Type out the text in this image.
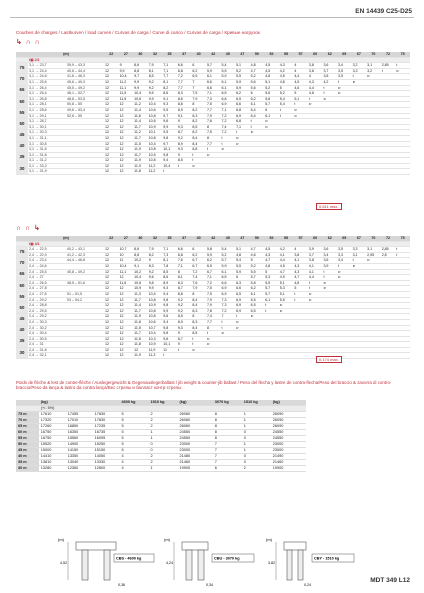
EN 14439 C25-D25
Courbes de charges / Lastkurven / load curves / Curvas de carga / Curve di carico / Curvas de carga / Кривые нагрузок
↳ ∩ ∩
	(m)		22	27	30	32	35	37	40	42	45	47	50	52	55	57	60	62	65	67	70	72	75
	t▣ 2/1																						
75	3,1 → 23,7	39,9 – 43,3	12	9	8,6	7,9	7,1	6,6	6	5,7	5,4	5,1	4,8	4,5	4,3	4	3,8	3,6	3,4	3,2	3,1	2,85	t
	3,1 → 24,4	40,6 – 44,4	12	9,9	8,8	8,1	7,1	6,8	6,2	5,9	5,5	5,2	4,7	4,5	4,2	4	3,8	3,7	3,5	3,3	3,2	t	⊳
70	3,1 → 24,6	41,6 – 46,3	12	10,4	9,7	8,5	7,7	7,2	6,5	6,1	5,9	5,5	5,2	4,8	4,5	4,4	4	3,8	3,5	t	⊳		
	3,1 → 25,6	45,6 – 49,3	12	11,2	9,9	9,2	8,1	7,7	7	6,6	6,1	5,9	5,6	5,1	4,8	4,5	4,3	4,2	t	⊳			
65	3,1 → 26,4	45,5 – 49,2	12	11,1	9,9	9,2	8,2	7,7	7	6,6	6,1	5,9	5,6	5,2	5	4,6	4,4	t	⊳				
	3,1 → 26,4	48,1 – 52,7	12	11,5	10,4	9,5	8,6	8,3	7,5	7,1	6,5	6,2	6	5,6	5,2	5	4,8	t	⊳				
60	3,1 → 26,8	48,8 – 53,5	12	11,5	10,6	9,9	9,1	8,6	7,9	7,3	6,8	6,5	6,2	5,8	5,4	5,1	t	⊳					
	3,1 → 28,1	50,8 – 55	12	12	11,2	10,4	9,3	8,8	8	7,5	6,9	6,6	6,1	5,7	5,4	t	⊳						
55	3,1 → 28,6	49,6 – 53,4	12	12	11,4	10,6	9,5	8,9	8,2	7,7	7,1	6,8	6,4	6	t	⊳							
	3,1 → 29,1	52,6 – 55	12	12	11,6	10,8	9,7	9,1	8,3	7,9	7,2	6,9	6,4	6,1	t	⊳							
50	3,1 → 28,7		12	12	11,4	10,6	9,6	9	8,2	7,8	7,2	6,8	t	⊳									
	3,1 → 30,1		12	12	11,7	10,9	9,9	9,3	8,5	8	7,4	7,1	t	⊳									
45	3,1 → 30,3		12	12	11,2	10,1	9,5	8,7	8,2	7,5	7,2	t	⊳										
	3,1 → 31,1		12	12	11,7	10,8	9,8	9,2	8,4	8	t	⊳											
40	3,1 → 30,8		12	12	11,5	10,4	9,7	8,9	8,4	7,7	t	⊳											
	3,1 → 31,6		12	12	11,9	10,8	10,1	9,3	8,8	t	⊳												
35	3,1 → 31,8		12	12	11,7	10,5	9,8	9	t	⊳													
	3,1 → 31,2		12	12	11,9	10,8	9,4	8,5	t														
30	3,1 → 33,2		12	12	11,9	11,2	10,4	t	⊳														
	3,1 → 31,9		12	12	11,8	11,2	t																
0,611 max.
∩ ∩ ↳
	(m)		22	27	30	32	35	37	40	42	45	47	50	52	55	57	60	62	65	67	70	72	75
	t▣ 4/1																						
75	2,4 → 22,5	40,2 – 43,1	12	10,7	8,6	7,9	7,1	6,6	6	5,8	5,4	5,1	4,7	4,5	4,2	4	3,9	3,6	3,5	3,3	3,1	2,85	t
	2,4 → 22,9	41,2 – 42,3	12	10	8,8	8,2	7,3	6,8	6,2	5,9	5,2	4,8	4,6	4,3	4,1	3,8	3,7	3,4	3,3	3,1	2,95	2,8	t
70	2,4 → 23,4	44,4 – 46,8	12	11	10,2	9	8,1	7,6	6,7	6,2	5,7	5,4	5	4,7	4,4	4,1	3,8	3,6	3,4	t	⊳		
	2,4 → 24,6		12	10,4	9,1	8,3	7,8	7,1	6,7	6,5	5,9	5,5	5,2	4,8	4,5	4,3	4,1	3,9	t	⊳			
65	2,4 → 25,5	45,8 – 49,2	12	11,1	10,2	9,2	8,5	8	7,2	6,7	6,1	5,9	5,5	5	4,7	4,3	4,1	t	⊳				
	2,4 → 27		12	12	10,4	9,6	8,6	8,1	7,4	7,1	6,5	6	5,7	5,3	4,9	4,7	4,4	t	⊳				
60	2,4 → 26,5	48,5 – 51,6	12	11,6	10,6	9,8	8,9	8,3	7,6	7,2	6,6	6,3	5,8	5,5	5,1	4,8	t	⊳					
	2,4 → 27,8		12	12	10,9	9,9	9,3	8,7	7,9	7,5	6,9	6,6	6,2	5,7	5,3	5	t	⊳					
55	2,4 → 27,6	51 – 51,5	12	12	11,3	10,4	9,4	8,8	8	7,5	6,9	6,5	6,1	5,7	5,1	t	⊳						
	2,4 → 29,2	53 – 54,2	12	12	11,7	10,8	9,8	9,2	8,4	7,9	7,3	6,9	6,5	6,1	5,5	t	⊳						
50	2,4 → 28,8		12	12	11,4	10,9	9,8	9,2	8,4	7,9	7,3	6,9	6,5	t	⊳								
	2,4 → 29,5		12	12	11,7	10,8	9,9	9,2	8,3	7,8	7,2	6,9	6,5	t	⊳								
45	2,4 → 29,2		12	12	11,9	10,8	9,6	8,5	8	7,4	7	t	⊳										
	2,4 → 30,3		12	12	11,8	10,6	9,4	8,9	8,3	7,7	t	⊳											
40	2,4 → 30,2		12	12	11,5	10,7	9,8	9,3	8,4	8	t	⊳											
	2,4 → 30,4		12	12	11,7	10,4	9,8	9	8,5	t	⊳												
35	2,4 → 30,5		12	12	11,6	10,3	9,6	8,7	t	⊳													
	2,4 → 31		12	12	11,8	10,9	10,1	9	t	⊳													
30	2,4 → 31,8		12	12	12	11,9	11	t	⊳														
	2,4 → 32,1		12	12	11,9	11,3	t																
0,174 max.
Poids de flèche & lest de contre-flèche / Auslegergewicht & Gegenauslegerballast / jib weight & counter-jib ballast / Peso del flecha y lastre de contra-flecha/Peso del braccio & zavorra di contro-braccio/Peso da lança & lastro da contra lança/Вес стрелы и балласт контр-стрелы
	(kg)			4600 kg	1510 kg	(kg)	3070 kg	1510 kg	(kg)
	(+/- 5%)								
75 m	17610	17455	17830	5	2	26060	8	1	26090
70 m	17320	17010	17830	5	2	26060	8	1	26090
65 m	17260	16850	17235	5	2	26060	8	1	26090
60 m	16750	16350	16735	5	1	24550	8	0	24550
55 m	16750	15560	16095	5	1	24550	8	0	24550
50 m	15520	14900	15250	5	0	23000	7	1	23000
45 m	15000	14150	15150	5	0	23000	7	1	23000
40 m	14410	13350	14050	4	2	21480	7	0	21490
35 m	13810	13040	13330	4	2	21460	7	0	21460
30 m	13280	12360	12800	4	1	19900	6	2	19900
(m)
4,52
0,36
CBS - 4600 kg
(m)
4,24
0,34
CBU - 3070 kg
(m)
3,82
0,24
CBY - 1510 kg
MDT 349 L12
